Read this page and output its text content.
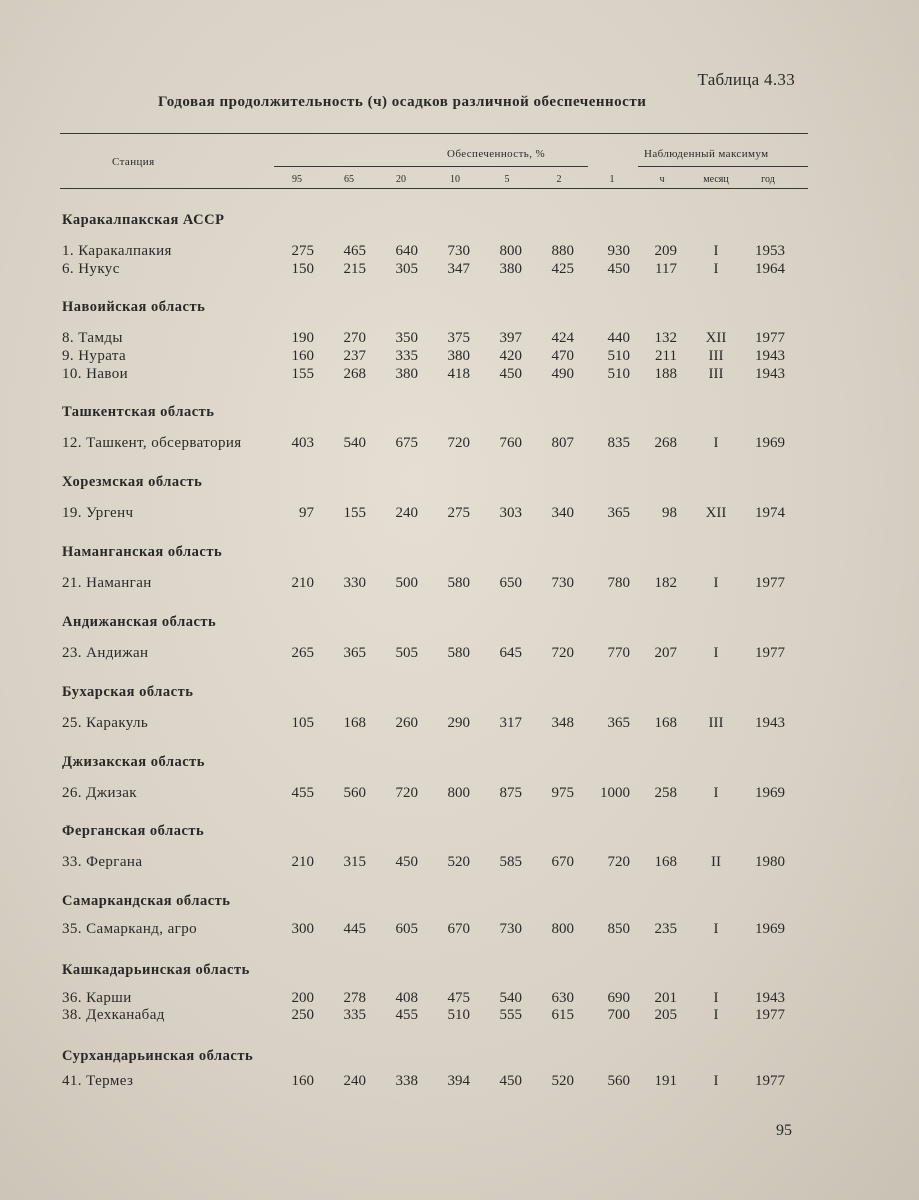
Таблица 4.33
Годовая продолжительность (ч) осадков различной обеспеченности
Станция
Обеспеченность, %	Наблюденный максимум
95	65	20	10	5	2	1	ч	месяц	год
Каракалпакская АССР
1. Каракалпакия	275	465	640	730	800	880	930	209	I	1953
6. Нукус	150	215	305	347	380	425	450	117	I	1964
Навоийская область
8. Тамды	190	270	350	375	397	424	440	132	XII	1977
9. Нурата	160	237	335	380	420	470	510	211	III	1943
10. Навои	155	268	380	418	450	490	510	188	III	1943
Ташкентская область
12. Ташкент, обсерватория	403	540	675	720	760	807	835	268	I	1969
Хорезмская область
19. Ургенч	97	155	240	275	303	340	365	98	XII	1974
Наманганская область
21. Наманган	210	330	500	580	650	730	780	182	I	1977
Андижанская область
23. Андижан	265	365	505	580	645	720	770	207	I	1977
Бухарская область
25. Каракуль	105	168	260	290	317	348	365	168	III	1943
Джизакская область
26. Джизак	455	560	720	800	875	975	1000	258	I	1969
Ферганская область
33. Фергана	210	315	450	520	585	670	720	168	II	1980
Самаркандская область
35. Самарканд, агро	300	445	605	670	730	800	850	235	I	1969
Кашкадарьинская область
36. Карши	200	278	408	475	540	630	690	201	I	1943
38. Дехканабад	250	335	455	510	555	615	700	205	I	1977
Сурхандарьинская область
41. Термез	160	240	338	394	450	520	560	191	I	1977
95
